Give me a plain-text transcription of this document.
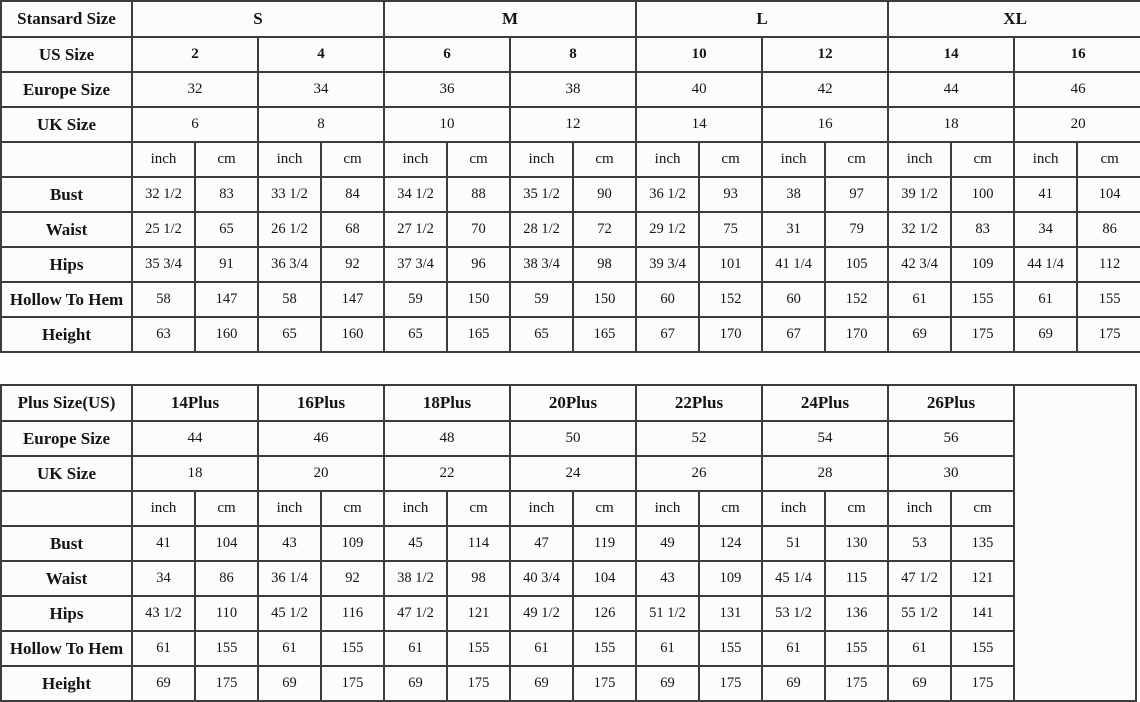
Stansard Size	S				M				L				XL			
US Size	2		4		6		8		10		12		14		16	
Europe Size	32		34		36		38		40		42		44		46	
UK Size	6		8		10		12		14		16		18		20	
	inch	cm	inch	cm	inch	cm	inch	cm	inch	cm	inch	cm	inch	cm	inch	cm
Bust	32 1/2	83	33 1/2	84	34 1/2	88	35 1/2	90	36 1/2	93	38	97	39 1/2	100	41	104
Waist	25 1/2	65	26 1/2	68	27 1/2	70	28 1/2	72	29 1/2	75	31	79	32 1/2	83	34	86
Hips	35 3/4	91	36 3/4	92	37 3/4	96	38 3/4	98	39 3/4	101	41 1/4	105	42 3/4	109	44 1/4	112
Hollow To Hem	58	147	58	147	59	150	59	150	60	152	60	152	61	155	61	155
Height	63	160	65	160	65	165	65	165	67	170	67	170	69	175	69	175
Plus Size(US)	14Plus		16Plus		18Plus		20Plus		22Plus		24Plus		26Plus		
Europe Size	44		46		48		50		52		54		56		
UK Size	18		20		22		24		26		28		30		
	inch	cm	inch	cm	inch	cm	inch	cm	inch	cm	inch	cm	inch	cm	
Bust	41	104	43	109	45	114	47	119	49	124	51	130	53	135	
Waist	34	86	36 1/4	92	38 1/2	98	40 3/4	104	43	109	45 1/4	115	47 1/2	121	
Hips	43 1/2	110	45 1/2	116	47 1/2	121	49 1/2	126	51 1/2	131	53 1/2	136	55 1/2	141	
Hollow To Hem	61	155	61	155	61	155	61	155	61	155	61	155	61	155	
Height	69	175	69	175	69	175	69	175	69	175	69	175	69	175	
